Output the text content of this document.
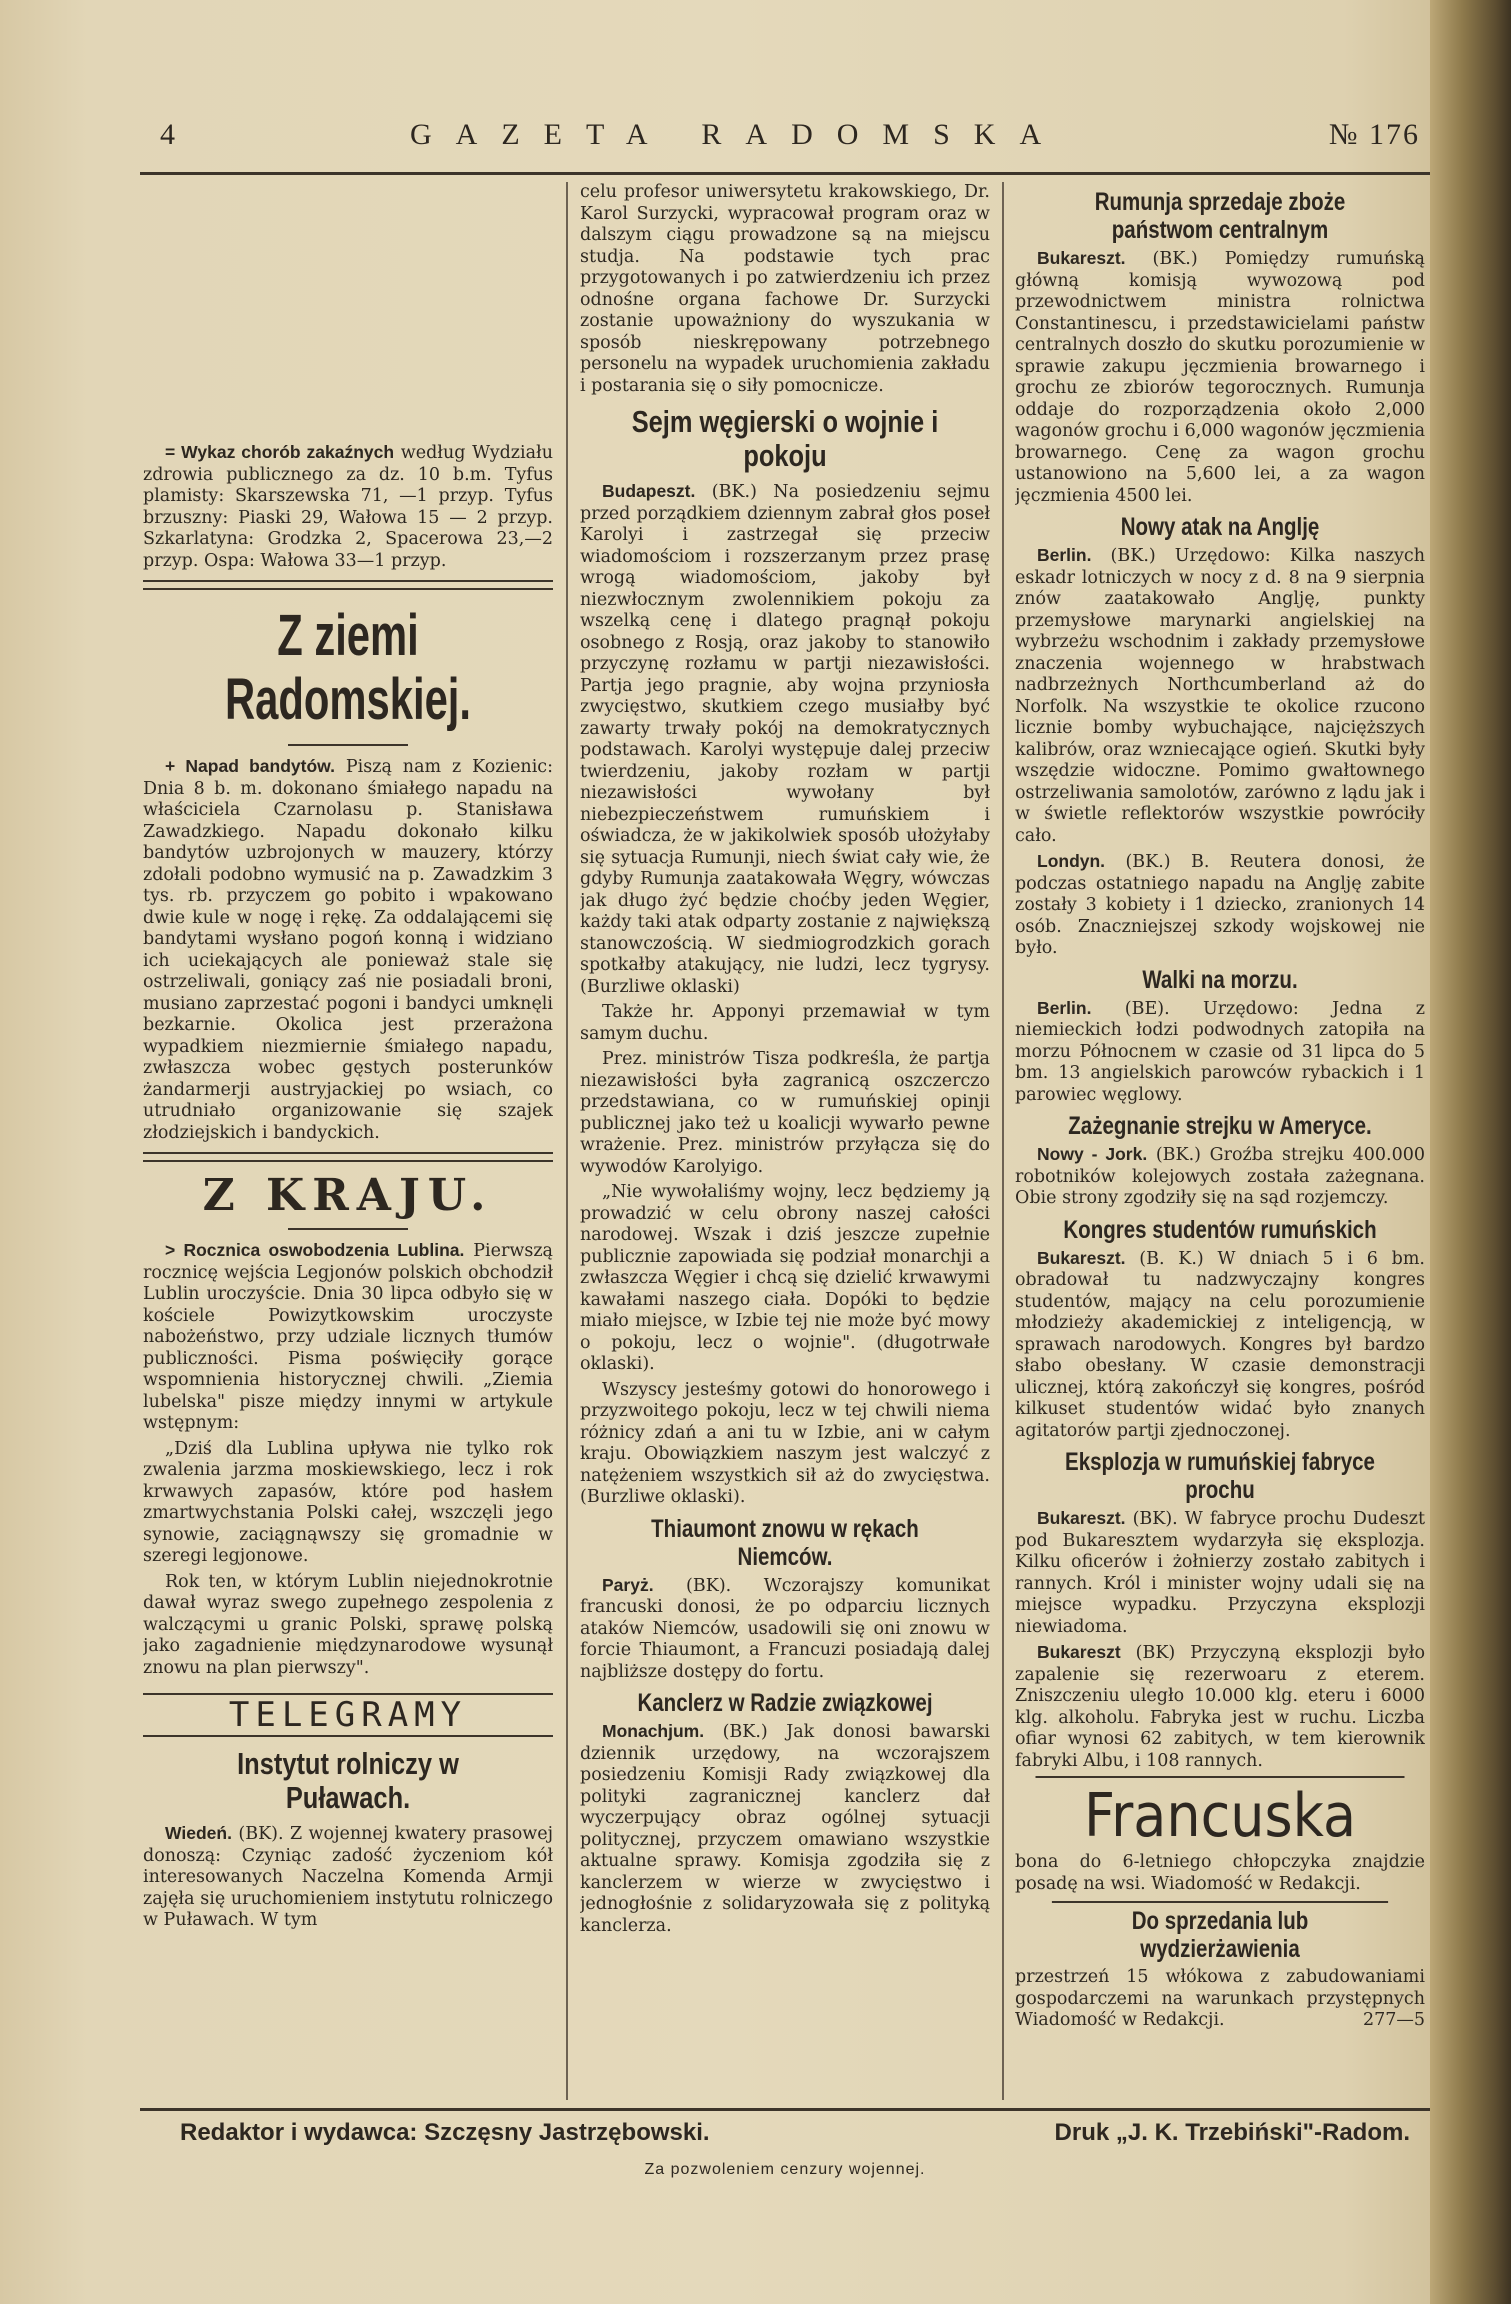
4	GAZETA RADOMSKA	№ 176

= Wykaz chorób zakaźnych według Wydziału zdrowia publicznego za dz. 10 b.m. Tyfus plamisty: Skarszewska 71, —1 przyp. Tyfus brzuszny: Piaski 29, Wałowa 15 — 2 przyp. Szkarlatyna: Grodzka 2, Spacerowa 23,—2 przyp. Ospa: Wałowa 33—1 przyp.

Z ziemi Radomskiej.

+ Napad bandytów. Piszą nam z Kozienic: Dnia 8 b. m. dokonano śmiałego napadu na właściciela Czarnolasu p. Stanisława Zawadzkiego. Napadu dokonało kilku bandytów uzbrojonych w mauzery, którzy zdołali podobno wymusić na p. Zawadzkim 3 tys. rb. przyczem go pobito i wpakowano dwie kule w nogę i rękę. Za oddalającemi się bandytami wysłano pogoń konną i widziano ich uciekających ale ponieważ stale się ostrzeliwali, goniący zaś nie posiadali broni, musiano zaprzestać pogoni i bandyci umknęli bezkarnie. Okolica jest przerażona wypadkiem niezmiernie śmiałego napadu, zwłaszcza wobec gęstych posterunków żandarmerji austryjackiej po wsiach, co utrudniało organizowanie się szajek złodziejskich i bandyckich.

Z KRAJU.

> Rocznica oswobodzenia Lublina. Pierwszą rocznicę wejścia Legjonów polskich obchodził Lublin uroczyście. Dnia 30 lipca odbyło się w kościele Powizytkowskim uroczyste nabożeństwo, przy udziale licznych tłumów publiczności. Pisma poświęciły gorące wspomnienia historycznej chwili. „Ziemia lubelska" pisze między innymi w artykule wstępnym:

„Dziś dla Lublina upływa nie tylko rok zwalenia jarzma moskiewskiego, lecz i rok krwawych zapasów, które pod hasłem zmartwychstania Polski całej, wszczęli jego synowie, zaciągnąwszy się gromadnie w szeregi legjonowe.

Rok ten, w którym Lublin niejednokrotnie dawał wyraz swego zupełnego zespolenia z walczącymi u granic Polski, sprawę polską jako zagadnienie międzynarodowe wysunął znowu na plan pierwszy".

TELEGRAMY
Instytut rolniczy w Puławach.

Wiedeń. (BK). Z wojennej kwatery prasowej donoszą: Czyniąc zadość życzeniom kół interesowanych Naczelna Komenda Armji zajęła się uruchomieniem instytutu rolniczego w Puławach. W tym

celu profesor uniwersytetu krakowskiego, Dr. Karol Surzycki, wypracował program oraz w dalszym ciągu prowadzone są na miejscu studja. Na podstawie tych prac przygotowanych i po zatwierdzeniu ich przez odnośne organa fachowe Dr. Surzycki zostanie upoważniony do wyszukania w sposób nieskrępowany potrzebnego personelu na wypadek uruchomienia zakładu i postarania się o siły pomocnicze.

Sejm węgierski o wojnie i pokoju

Budapeszt. (BK.) Na posiedzeniu sejmu przed porządkiem dziennym zabrał głos poseł Karolyi i zastrzegał się przeciw wiadomościom i rozszerzanym przez prasę wrogą wiadomościom, jakoby był niezwłocznym zwolennikiem pokoju za wszelką cenę i dlatego pragnął pokoju osobnego z Rosją, oraz jakoby to stanowiło przyczynę rozłamu w partji niezawisłości. Partja jego pragnie, aby wojna przyniosła zwycięstwo, skutkiem czego musiałby być zawarty trwały pokój na demokratycznych podstawach. Karolyi występuje dalej przeciw twierdzeniu, jakoby rozłam w partji niezawisłości wywołany był niebezpieczeństwem rumuńskiem i oświadcza, że w jakikolwiek sposób ułożyłaby się sytuacja Rumunji, niech świat cały wie, że gdyby Rumunja zaatakowała Węgry, wówczas jak długo żyć będzie choćby jeden Węgier, każdy taki atak odparty zostanie z największą stanowczością. W siedmiogrodzkich gorach spotkałby atakujący, nie ludzi, lecz tygrysy. (Burzliwe oklaski)

Także hr. Apponyi przemawiał w tym samym duchu.

Prez. ministrów Tisza podkreśla, że partja niezawisłości była zagranicą oszczerczo przedstawiana, co w rumuńskiej opinji publicznej jako też u koalicji wywarło pewne wrażenie. Prez. ministrów przyłącza się do wywodów Karolyigo.

„Nie wywołaliśmy wojny, lecz będziemy ją prowadzić w celu obrony naszej całości narodowej. Wszak i dziś jeszcze zupełnie publicznie zapowiada się podział monarchji a zwłaszcza Węgier i chcą się dzielić krwawymi kawałami naszego ciała. Dopóki to będzie miało miejsce, w Izbie tej nie może być mowy o pokoju, lecz o wojnie". (długotrwałe oklaski).

Wszyscy jesteśmy gotowi do honorowego i przyzwoitego pokoju, lecz w tej chwili niema różnicy zdań a ani tu w Izbie, ani w całym kraju. Obowiązkiem naszym jest walczyć z natężeniem wszystkich sił aż do zwycięstwa. (Burzliwe oklaski).

Thiaumont znowu w rękach Niemców.

Paryż. (BK). Wczorajszy komunikat francuski donosi, że po odparciu licznych ataków Niemców, usadowili się oni znowu w forcie Thiaumont, a Francuzi posiadają dalej najbliższe dostępy do fortu.

Kanclerz w Radzie związkowej

Monachjum. (BK.) Jak donosi bawarski dziennik urzędowy, na wczorajszem posiedzeniu Komisji Rady związkowej dla polityki zagranicznej kanclerz dał wyczerpujący obraz ogólnej sytuacji politycznej, przyczem omawiano wszystkie aktualne sprawy. Komisja zgodziła się z kanclerzem w wierze w zwycięstwo i jednogłośnie z solidaryzowała się z polityką kanclerza.

Rumunja sprzedaje zboże państwom centralnym

Bukareszt. (BK.) Pomiędzy rumuńską główną komisją wywozową pod przewodnictwem ministra rolnictwa Constantinescu, i przedstawicielami państw centralnych doszło do skutku porozumienie w sprawie zakupu jęczmienia browarnego i grochu ze zbiorów tegorocznych. Rumunja oddaje do rozporządzenia około 2,000 wagonów grochu i 6,000 wagonów jęczmienia browarnego. Cenę za wagon grochu ustanowiono na 5,600 lei, a za wagon jęczmienia 4500 lei.

Nowy atak na Anglję

Berlin. (BK.) Urzędowo: Kilka naszych eskadr lotniczych w nocy z d. 8 na 9 sierpnia znów zaatakowało Anglję, punkty przemysłowe marynarki angielskiej na wybrzeżu wschodnim i zakłady przemysłowe znaczenia wojennego w hrabstwach nadbrzeżnych Northcumberland aż do Norfolk. Na wszystkie te okolice rzucono licznie bomby wybuchające, najcięższych kalibrów, oraz wzniecające ogień. Skutki były wszędzie widoczne. Pomimo gwałtownego ostrzeliwania samolotów, zarówno z lądu jak i w świetle reflektorów wszystkie powróciły cało.

Londyn. (BK.) B. Reutera donosi, że podczas ostatniego napadu na Anglję zabite zostały 3 kobiety i 1 dziecko, zranionych 14 osób. Znaczniejszej szkody wojskowej nie było.

Walki na morzu.

Berlin. (BE). Urzędowo: Jedna z niemieckich łodzi podwodnych zatopiła na morzu Północnem w czasie od 31 lipca do 5 bm. 13 angielskich parowców rybackich i 1 parowiec węglowy.

Zażegnanie strejku w Ameryce.

Nowy - Jork. (BK.) Groźba strejku 400.000 robotników kolejowych została zażegnana. Obie strony zgodziły się na sąd rozjemczy.

Kongres studentów rumuńskich

Bukareszt. (B. K.) W dniach 5 i 6 bm. obradował tu nadzwyczajny kongres studentów, mający na celu porozumienie młodzieży akademickiej z inteligencją, w sprawach narodowych. Kongres był bardzo słabo obesłany. W czasie demonstracji ulicznej, którą zakończył się kongres, pośród kilkuset studentów widać było znanych agitatorów partji zjednoczonej.

Eksplozja w rumuńskiej fabryce prochu

Bukareszt. (BK). W fabryce prochu Dudeszt pod Bukaresztem wydarzyła się eksplozja. Kilku oficerów i żołnierzy zostało zabitych i rannych. Król i minister wojny udali się na miejsce wypadku. Przyczyna eksplozji niewiadoma.

Bukareszt (BK) Przyczyną eksplozji było zapalenie się rezerwoaru z eterem. Zniszczeniu uległo 10.000 klg. eteru i 6000 klg. alkoholu. Fabryka jest w ruchu. Liczba ofiar wynosi 62 zabitych, w tem kierownik fabryki Albu, i 108 rannych.

Francuska

bona do 6-letniego chłopczyka znajdzie posadę na wsi. Wiadomość w Redakcji.

Do sprzedania lub wydzierżawienia

przestrzeń 15 włókowa z zabudowaniami gospodarczemi na warunkach przystępnych Wiadomość w Redakcji.	277—5

Redaktor i wydawca: Szczęsny Jastrzębowski.	Druk „J. K. Trzebiński"-Radom.
Za pozwoleniem cenzury wojennej.
